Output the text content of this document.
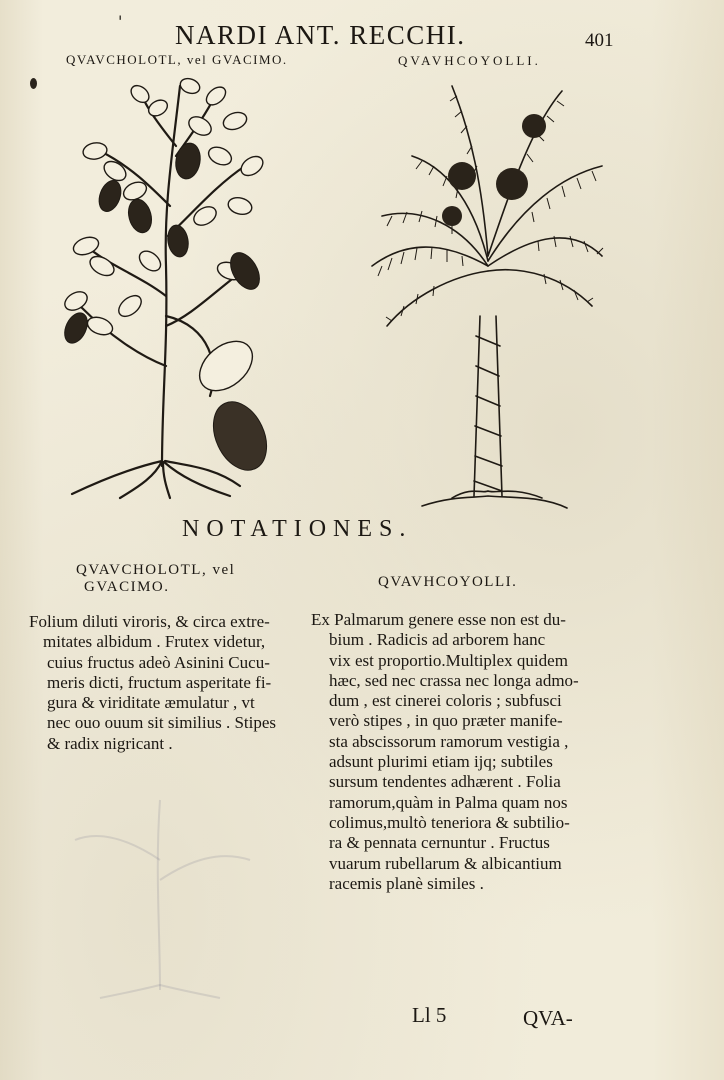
' NARDI ANT. RECCHI.	401
QVAVCHOLOTL, vel GVACIMO.	QVAVHCOYOLLI.
NOTATIONES.
QVAVCHOLOTL, vel
GVACIMO.	QVAVHCOYOLLI.
Folium diluti viroris, & circa extre-
mitates albidum . Frutex videtur,
cuius fructus adeò Asinini Cucu-
meris dicti, fructum asperitate fi-
gura & viriditate æmulatur , vt
nec ouo ouum sit similius . Stipes
& radix nigricant .
Ex Palmarum genere esse non est du-
bium . Radicis ad arborem hanc
vix est proportio.Multiplex quidem
hæc, sed nec crassa nec longa admo-
dum , est cinerei coloris ; subfusci
verò stipes , in quo præter manife-
sta abscissorum ramorum vestigia ,
adsunt plurimi etiam ijq; subtiles
sursum tendentes adhærent . Folia
ramorum,quàm in Palma quam nos
colimus,multò teneriora & subtilio-
ra & pennata cernuntur . Fructus
vuarum rubellarum & albicantium
racemis planè similes .
Ll 5	QVA-
